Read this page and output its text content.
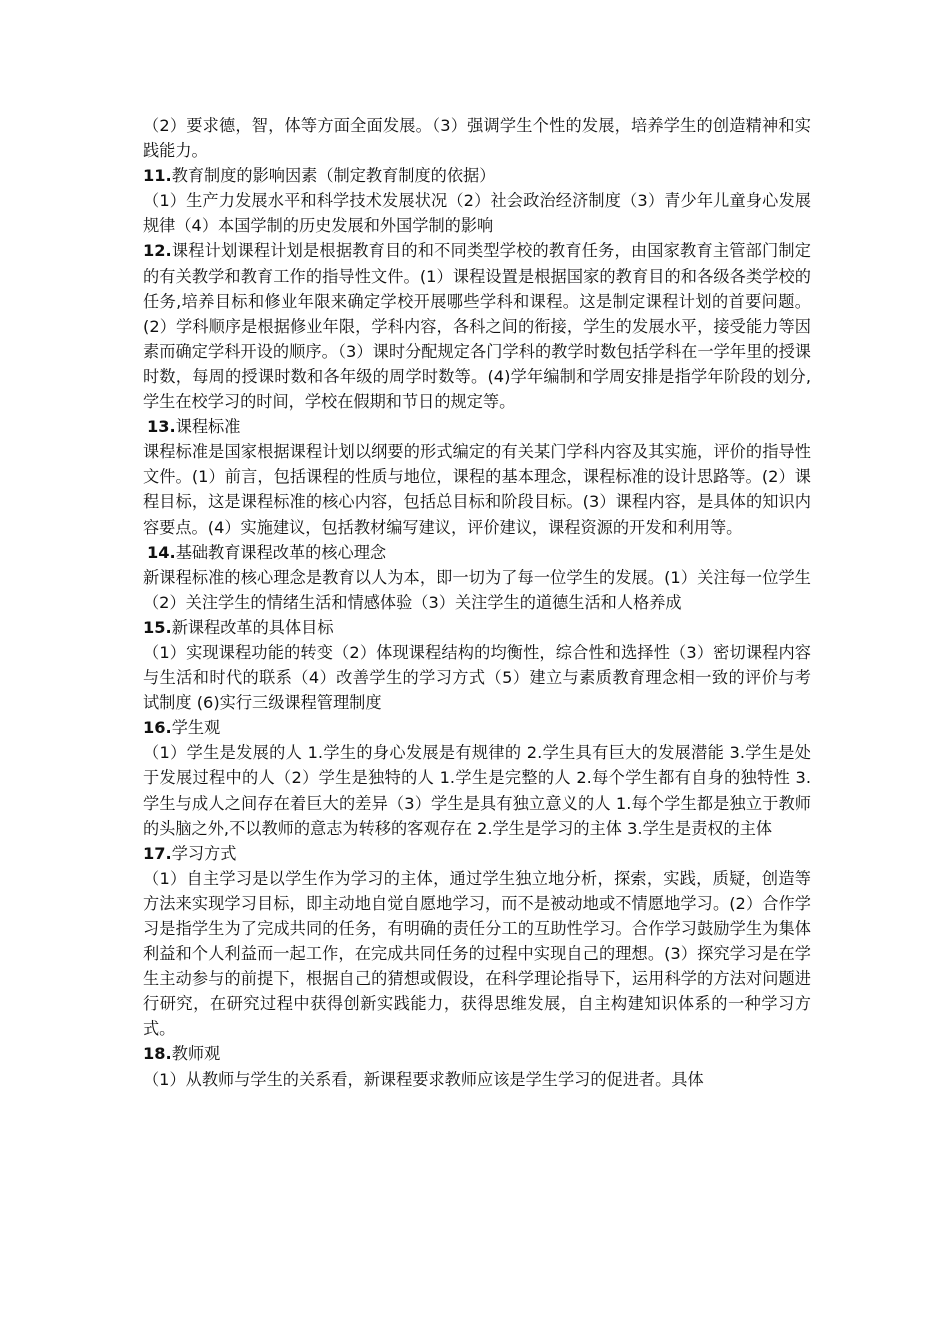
（2）要求德，智，体等方面全面发展。（3）强调学生个性的发展，培养学生的创造精神和实践能力。

11.教育制度的影响因素（制定教育制度的依据）

（1）生产力发展水平和科学技术发展状况（2）社会政治经济制度（3）青少年儿童身心发展规律（4）本国学制的历史发展和外国学制的影响

12.课程计划课程计划是根据教育目的和不同类型学校的教育任务，由国家教育主管部门制定的有关教学和教育工作的指导性文件。(1）课程设置是根据国家的教育目的和各级各类学校的任务,培养目标和修业年限来确定学校开展哪些学科和课程。这是制定课程计划的首要问题。(2）学科顺序是根据修业年限，学科内容，各科之间的衔接，学生的发展水平，接受能力等因素而确定学科开设的顺序。（3）课时分配规定各门学科的教学时数包括学科在一学年里的授课时数，每周的授课时数和各年级的周学时数等。(4)学年编制和学周安排是指学年阶段的划分,学生在校学习的时间，学校在假期和节日的规定等。

13.课程标准

课程标准是国家根据课程计划以纲要的形式编定的有关某门学科内容及其实施，评价的指导性文件。(1）前言，包括课程的性质与地位，课程的基本理念，课程标准的设计思路等。(2）课程目标，这是课程标准的核心内容，包括总目标和阶段目标。(3）课程内容，是具体的知识内容要点。(4）实施建议，包括教材编写建议，评价建议，课程资源的开发和利用等。

14.基础教育课程改革的核心理念

新课程标准的核心理念是教育以人为本，即一切为了每一位学生的发展。(1）关注每一位学生（2）关注学生的情绪生活和情感体验（3）关注学生的道德生活和人格养成

15.新课程改革的具体目标

（1）实现课程功能的转变（2）体现课程结构的均衡性，综合性和选择性（3）密切课程内容与生活和时代的联系（4）改善学生的学习方式（5）建立与素质教育理念相一致的评价与考试制度 (6)实行三级课程管理制度

16.学生观

（1）学生是发展的人 1.学生的身心发展是有规律的 2.学生具有巨大的发展潜能 3.学生是处于发展过程中的人（2）学生是独特的人 1.学生是完整的人 2.每个学生都有自身的独特性 3.学生与成人之间存在着巨大的差异（3）学生是具有独立意义的人 1.每个学生都是独立于教师的头脑之外,不以教师的意志为转移的客观存在 2.学生是学习的主体 3.学生是责权的主体

17.学习方式

（1）自主学习是以学生作为学习的主体，通过学生独立地分析，探索，实践，质疑，创造等方法来实现学习目标，即主动地自觉自愿地学习，而不是被动地或不情愿地学习。(2）合作学习是指学生为了完成共同的任务，有明确的责任分工的互助性学习。合作学习鼓励学生为集体利益和个人利益而一起工作，在完成共同任务的过程中实现自己的理想。(3）探究学习是在学生主动参与的前提下，根据自己的猜想或假设，在科学理论指导下，运用科学的方法对问题进行研究，在研究过程中获得创新实践能力，获得思维发展，自主构建知识体系的一种学习方式。

18.教师观

（1）从教师与学生的关系看，新课程要求教师应该是学生学习的促进者。具体
